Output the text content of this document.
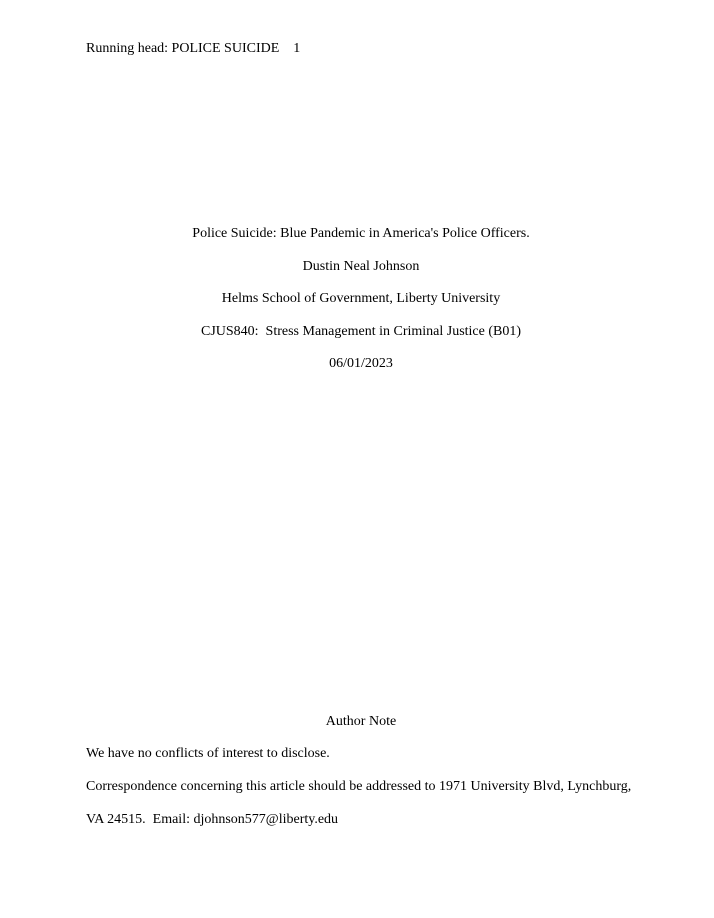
Running head: POLICE SUICIDE 1
Police Suicide: Blue Pandemic in America's Police Officers.
Dustin Neal Johnson
Helms School of Government, Liberty University
CJUS840:  Stress Management in Criminal Justice (B01)
06/01/2023
Author Note
We have no conflicts of interest to disclose.
Correspondence concerning this article should be addressed to 1971 University Blvd, Lynchburg,
VA 24515.  Email: djohnson577@liberty.edu
